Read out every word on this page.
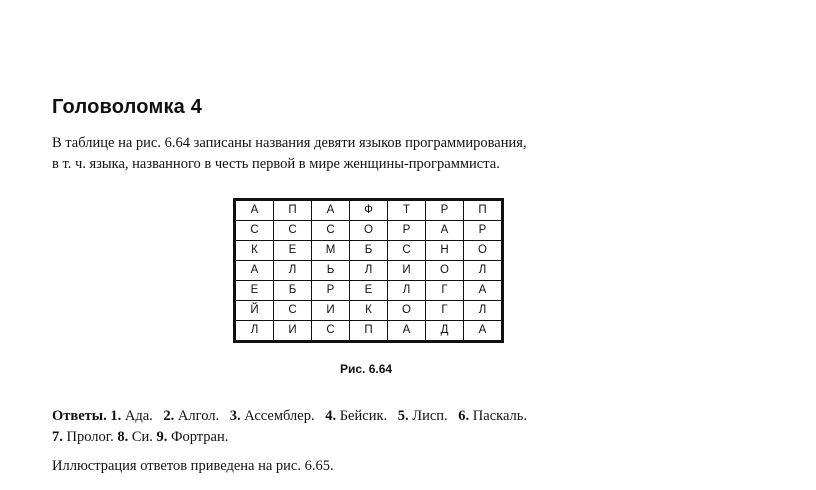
Головоломка 4
В таблице на рис. 6.64 записаны названия девяти языков программирования,
в т. ч. языка, названного в честь первой в мире женщины-программиста.
А	П	А	Ф	Т	Р	П
С	С	С	О	Р	А	Р
К	Е	М	Б	С	Н	О
А	Л	Ь	Л	И	О	Л
Е	Б	Р	Е	Л	Г	А
Й	С	И	К	О	Г	Л
Л	И	С	П	А	Д	А
Рис. 6.64
Ответы. 1. Ада. 2. Алгол. 3. Ассемблер. 4. Бейсик. 5. Лисп. 6. Паскаль.
7. Пролог. 8. Си. 9. Фортран.
Иллюстрация ответов приведена на рис. 6.65.
